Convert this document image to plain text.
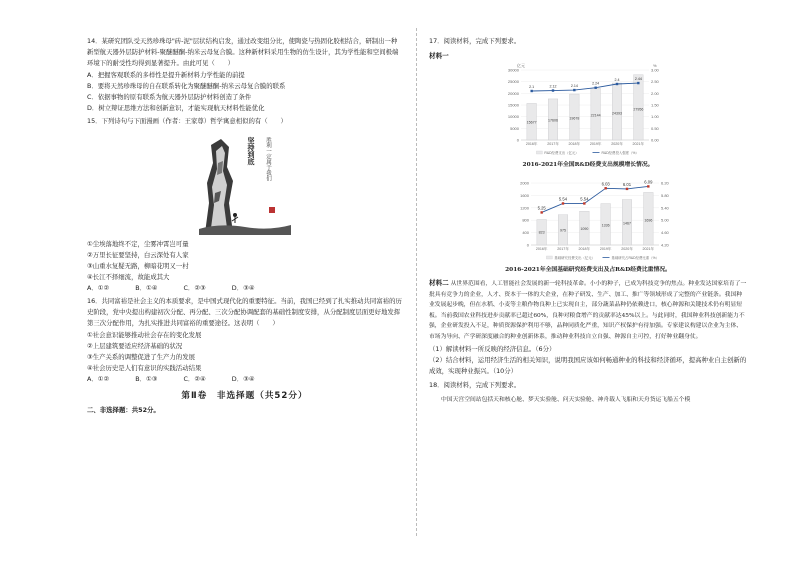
14．某研究团队受天然珍珠母"砖-泥"层状结构启发，通过改变组分比，使陶瓷与热固化胶相结合，研制出一种新型航天器外层防护材料-聚醚醚酮-纳米云母复合膜。这种新材料采用生物的仿生设计，其为学性能和空间极端环境下的耐受性均得到显著提升。由此可见（　　）

A．把握客观联系的多样性是提升新材料力学性能的前提

B．要将天然珍珠母的自在联系转化为聚醚醚酮-纳米云母复合膜的联系

C．依据事物的原有联系为航天器外层防护材料创造了条件

D．树立辩证思维方法和创新意识，才能实现航天材料性能优化

15．下列诗句与下面漫画（作者：王家尊）哲学寓意相似的有（　　）

坚持到底	胜利一定属于我们

①尘埃落地终不定，尘雾冲霄岂可量

②万里长征要坚持，白云深处有人家

③山重水复疑无路，柳暗花明又一村

④长江不择细流，故能成其大

A．①②	B．①④	C．②③	D．③④

16．共同富裕是社会主义的本质要求，是中国式现代化的重要特征。当前，我国已经到了扎实推动共同富裕的历史阶段，党中央提出构建初次分配、再分配、三次分配协调配套的基础性制度安排，从分配制度层面更好地发挥第三次分配作用，为扎实推进共同富裕的重要途径。这表明（　　）

①社会意识能够推动社会存在的变化发展

②上层建筑要适应经济基础的状况

③生产关系的调整促进了生产力的发展

④社会历史是人们有意识的实践活动结果

A．①②	B．①③	C．②④	D．③④
第Ⅱ卷　非选择题（共52分）

二、非选择题：共52分。

17．阅读材料，完成下列要求。

材料一

0
5000
10000
15000
20000
25000
30000
0.00
0.50
1.00
1.50
2.00
2.50
3.00
亿元	%
15677
2016年
17606
2017年
19678
2018年
22144
2019年
24393
2020年
27956
2021年
2.1	2.12	2.14
2.24
2.4	2.44
R&D经费支出（亿元）	R&D经费投入强度（%）

2016-2021年全国R&D经费支出规模增长情况。

0
400
800
1200
1600
2000
4.20
4.60
5.00
5.40
5.80
6.20
823
2016年
975
2017年
1090
2018年
1336
2019年
1467
2020年
1696
2021年
5.25
5.54	5.54
6.03	6.01	6.09
基础研究经费支出（亿元）	基础研究占R&D经费比重（%）

2016-2021年全国基础研究经费支出及占R&D经费比重情况。

材料二 从世界范围看，人工智能社会发展的新一轮科技革命。小小的种子，已成为科技竞争的焦点。种业发达国家培育了一批具有竞争力的企业，人才、资本于一体的大企业，在种子研发、生产、加工、推广等领域形成了完整的产业链条。我国种业发展起步晚，但在水稻、小麦等主粮作物良种上已实现自主，部分蔬菜品种仍依赖进口，核心种源和关键技术仍有明显短板。当前我国农业科技进步贡献率已超过60%，良种对粮食增产的贡献率达45%以上。与此同时，我国种业科技创新能力不强，企业研发投入不足，种质资源保护利用不够，品种同质化严重，知识产权保护有待加强。专家建议构建以企业为主体、市场为导向、产学研深度融合的种业创新体系，推动种业科技自立自强、种源自主可控，打好种业翻身仗。

（1）解读材料一所反映的经济信息。（6分）

（2）结合材料，运用经济生活的相关知识，说明我国应该如何畅通种业的科技和经济循环，提高种业自主创新的成效，实现种业振兴。（10分）

18．阅读材料，完成下列要求。

中国天宫空间站包括天和核心舱、梦天实验舱、问天实验舱、神舟载人飞船和天舟货运飞船五个模
